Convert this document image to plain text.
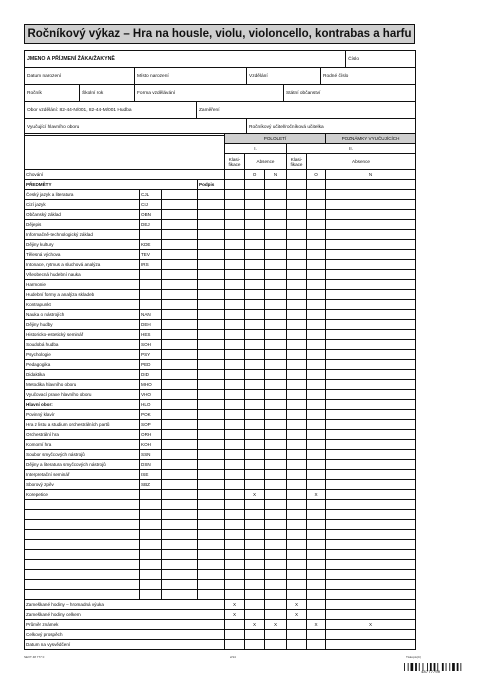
Ročníkový výkaz – Hra na housle, violu, violoncello, kontrabas a harfu
JMENO A PŘÍJMENÍ ŽÁKA/ŽAKYNĚ							Číslo
Datum narození		Místo narození		Vzdělání		Rodné číslo	
Ročník	Školní rok	Forma vzdělávání			Státní občanství		
Obor vzdělání: 82-44-N/001, 82-44-M/001 Hudba			Zaměření				
Vyučující hlavního oboru				Ročníkový učitel/ročníková učitelka			
				POLOLETÍ					POZNÁMKY VYUČUJÍCÍCH	
				I.			II.	
				Klasi-fikace	Absence		Klasi-fikace	Absence		
Chování					O	N		O	N	
PŘEDMĚTY			Podpis							
Český jazyk a literatura	CJL									
Cizí jazyk	CIJ									
Občanský základ	OBN									
Dějepis	DEJ									
Informačně-technologický základ										
Dějiny kultury	KDE									
Tělesná výchova	TEV									
Intonace, rytmus a sluchová analýza	IRS									
Všeobecná hudební nauka										
Harmonie										
Hudební formy a analýza skladeb										
Kontrapunkt										
Nauka o nástrojích	NAN									
Dějiny hudby	DEH									
Historicko-estetický seminář	HES									
Soudobá hudba	SOH									
Psychologie	PSY									
Pedagogika	PED									
Didaktika	DID									
Metodika hlavního oboru	MHO									
Vyučovací praxe hlavního oboru	VHO									
Hlavní obor:	HLO									
Povinný klavír	POK									
Hra z listu a studium orchestrálních partů	SOP									
Orchestrální hra	ORH									
Komorní hra	KOH									
Soubor smyčcových nástrojů	SSN									
Dějiny a literatura smyčcových nástrojů	DSN									
Interpretační seminář	ISE									
Sborový zpěv	SBZ									
Korepetice					X			X		

Zameškané hodiny – hromadná výuka				X			X			
Zameškané hodiny celkem				X			X			
Průměr známek					X	X		X	X	
Celkový prospěch										
Datum na vysvědčení										
SEVT 48 777 0	2/14	Tiskopis(C)
48777/00
